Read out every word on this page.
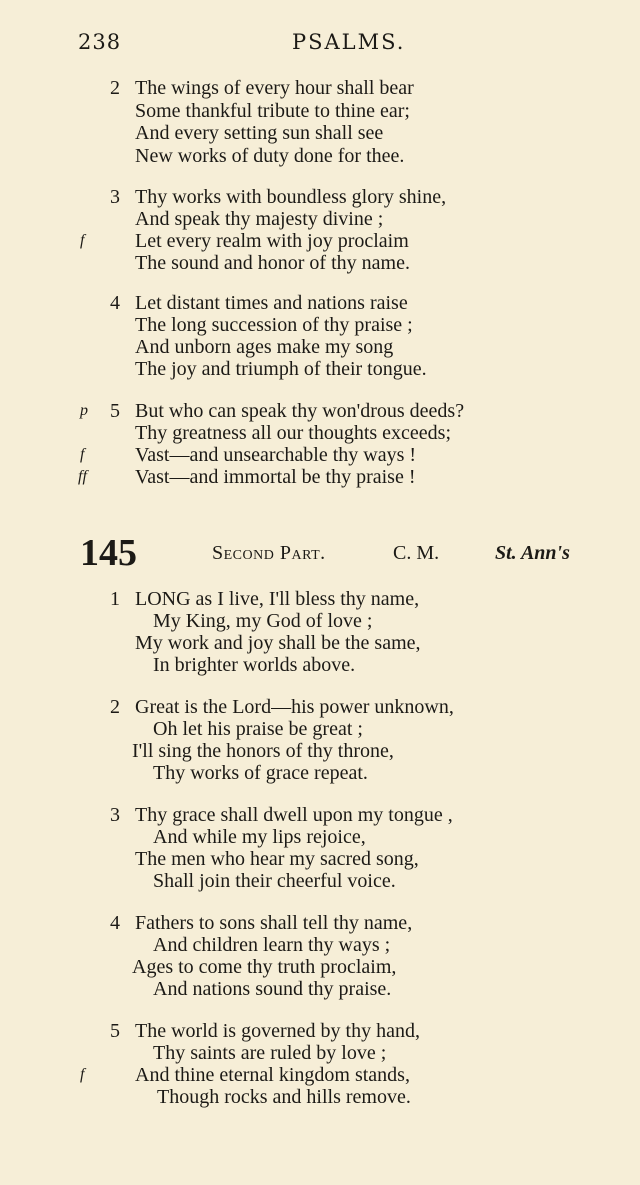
238	PSALMS.
2 The wings of every hour shall bear
Some thankful tribute to thine ear;
And every setting sun shall see
New works of duty done for thee.
3 Thy works with boundless glory shine,
And speak thy majesty divine ;
f	Let every realm with joy proclaim
The sound and honor of thy name.
4 Let distant times and nations raise
The long succession of thy praise ;
And unborn ages make my song
The joy and triumph of their tongue.
p 5 But who can speak thy won'drous deeds?
Thy greatness all our thoughts exceeds;
f	Vast—and unsearchable thy ways !
ff Vast—and immortal be thy praise !
145	Second Part.	C. M.	St. Ann's
1 LONG as I live, I'll bless thy name,
My King, my God of love ;
My work and joy shall be the same,
In brighter worlds above.
2 Great is the Lord—his power unknown,
Oh let his praise be great ;
I'll sing the honors of thy throne,
Thy works of grace repeat.
3 Thy grace shall dwell upon my tongue ,
And while my lips rejoice,
The men who hear my sacred song,
Shall join their cheerful voice.
4 Fathers to sons shall tell thy name,
And children learn thy ways ;
Ages to come thy truth proclaim,
And nations sound thy praise.
5 The world is governed by thy hand,
Thy saints are ruled by love ;
f	And thine eternal kingdom stands,
Though rocks and hills remove.
